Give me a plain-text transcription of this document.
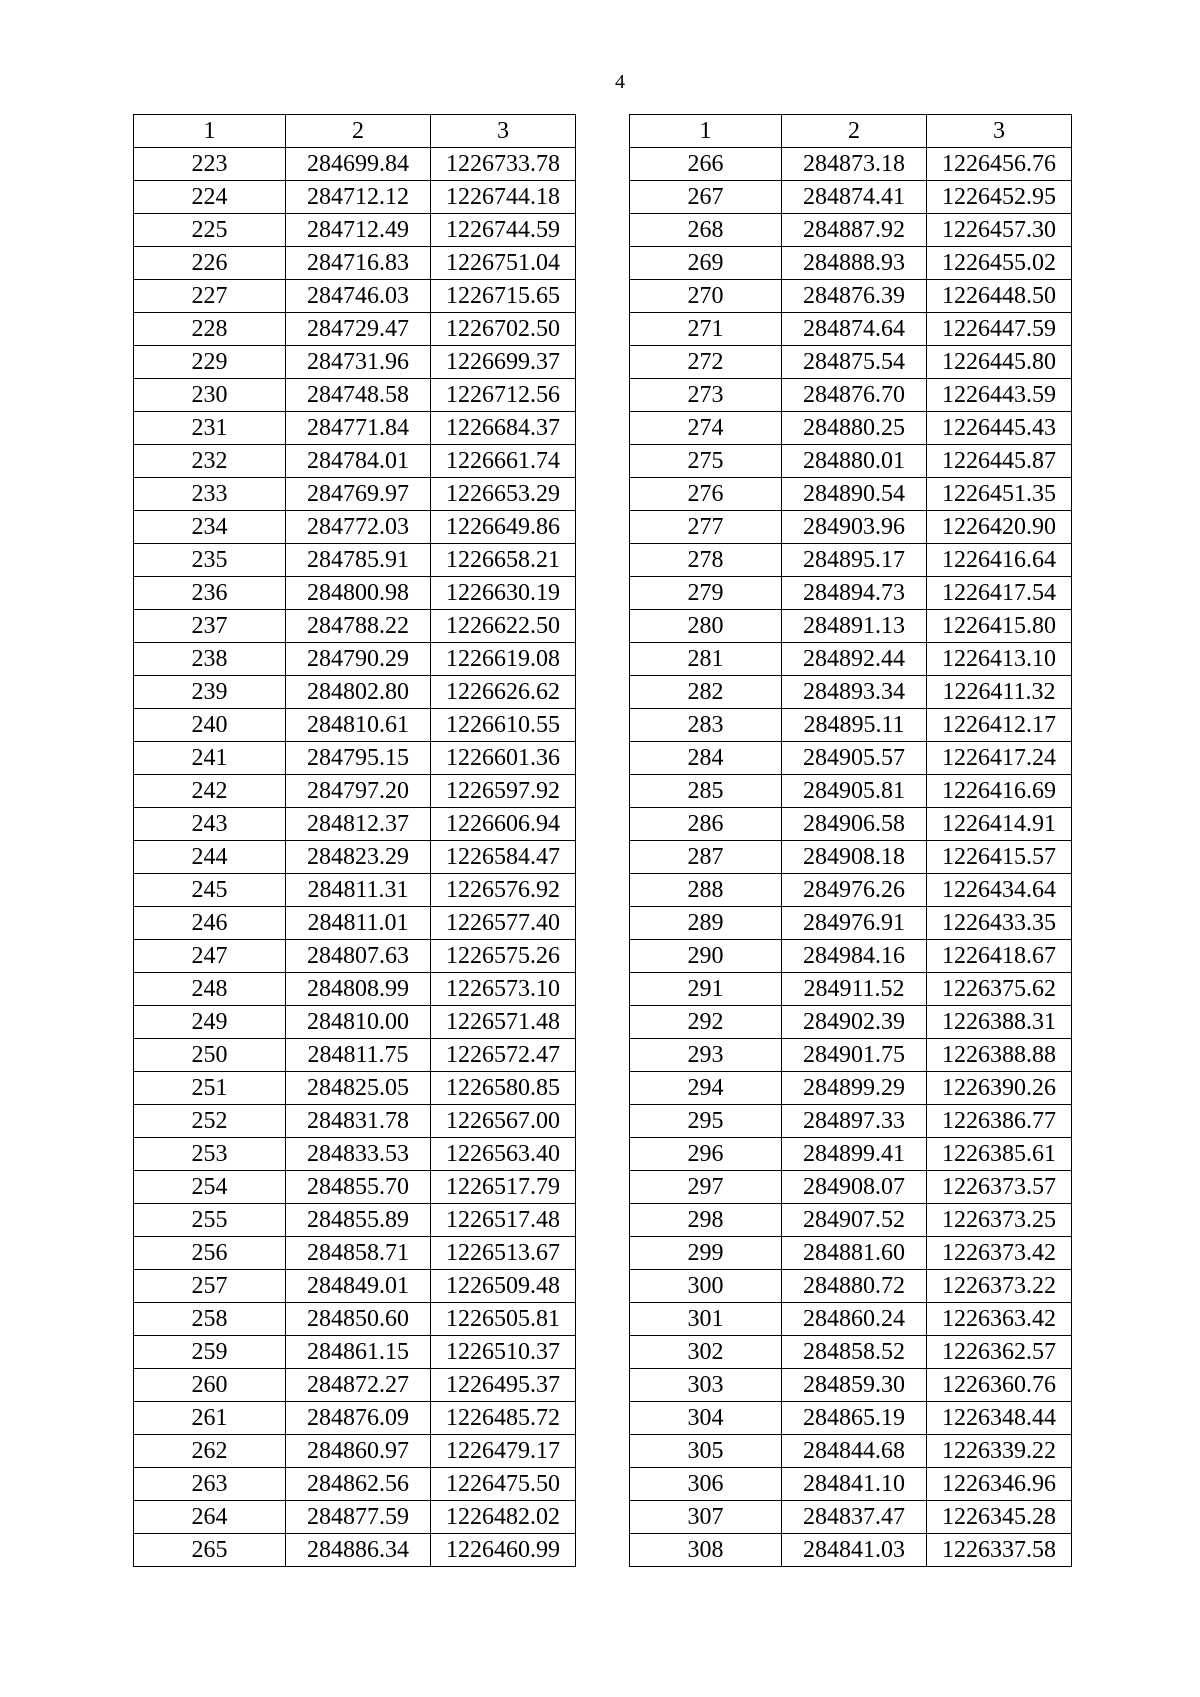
4
1	2	3
223	284699.84	1226733.78
224	284712.12	1226744.18
225	284712.49	1226744.59
226	284716.83	1226751.04
227	284746.03	1226715.65
228	284729.47	1226702.50
229	284731.96	1226699.37
230	284748.58	1226712.56
231	284771.84	1226684.37
232	284784.01	1226661.74
233	284769.97	1226653.29
234	284772.03	1226649.86
235	284785.91	1226658.21
236	284800.98	1226630.19
237	284788.22	1226622.50
238	284790.29	1226619.08
239	284802.80	1226626.62
240	284810.61	1226610.55
241	284795.15	1226601.36
242	284797.20	1226597.92
243	284812.37	1226606.94
244	284823.29	1226584.47
245	284811.31	1226576.92
246	284811.01	1226577.40
247	284807.63	1226575.26
248	284808.99	1226573.10
249	284810.00	1226571.48
250	284811.75	1226572.47
251	284825.05	1226580.85
252	284831.78	1226567.00
253	284833.53	1226563.40
254	284855.70	1226517.79
255	284855.89	1226517.48
256	284858.71	1226513.67
257	284849.01	1226509.48
258	284850.60	1226505.81
259	284861.15	1226510.37
260	284872.27	1226495.37
261	284876.09	1226485.72
262	284860.97	1226479.17
263	284862.56	1226475.50
264	284877.59	1226482.02
265	284886.34	1226460.99
1	2	3
266	284873.18	1226456.76
267	284874.41	1226452.95
268	284887.92	1226457.30
269	284888.93	1226455.02
270	284876.39	1226448.50
271	284874.64	1226447.59
272	284875.54	1226445.80
273	284876.70	1226443.59
274	284880.25	1226445.43
275	284880.01	1226445.87
276	284890.54	1226451.35
277	284903.96	1226420.90
278	284895.17	1226416.64
279	284894.73	1226417.54
280	284891.13	1226415.80
281	284892.44	1226413.10
282	284893.34	1226411.32
283	284895.11	1226412.17
284	284905.57	1226417.24
285	284905.81	1226416.69
286	284906.58	1226414.91
287	284908.18	1226415.57
288	284976.26	1226434.64
289	284976.91	1226433.35
290	284984.16	1226418.67
291	284911.52	1226375.62
292	284902.39	1226388.31
293	284901.75	1226388.88
294	284899.29	1226390.26
295	284897.33	1226386.77
296	284899.41	1226385.61
297	284908.07	1226373.57
298	284907.52	1226373.25
299	284881.60	1226373.42
300	284880.72	1226373.22
301	284860.24	1226363.42
302	284858.52	1226362.57
303	284859.30	1226360.76
304	284865.19	1226348.44
305	284844.68	1226339.22
306	284841.10	1226346.96
307	284837.47	1226345.28
308	284841.03	1226337.58
